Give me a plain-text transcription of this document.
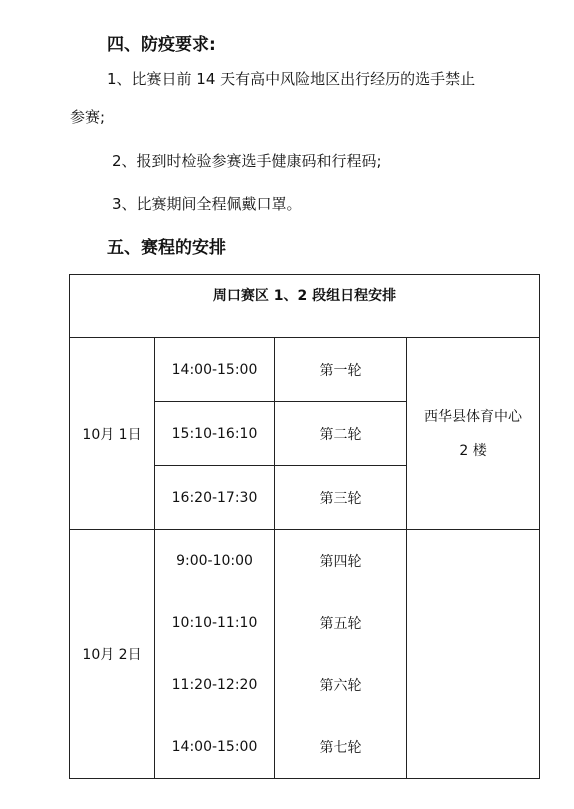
四、防疫要求:
1、比赛日前 14 天有高中风险地区出行经历的选手禁止
参赛;
2、报到时检验参赛选手健康码和行程码;
3、比赛期间全程佩戴口罩。
五、赛程的安排
周口赛区 1、2 段组日程安排			
10月 1日	14:00-15:00	第一轮	西华县体育中心
2 楼

	15:10-16:10	第二轮	
	16:20-17:30	第三轮	
10月 2日	9:00-10:00	第四轮	
	10:10-11:10	第五轮	
	11:20-12:20	第六轮	
	14:00-15:00	第七轮	
